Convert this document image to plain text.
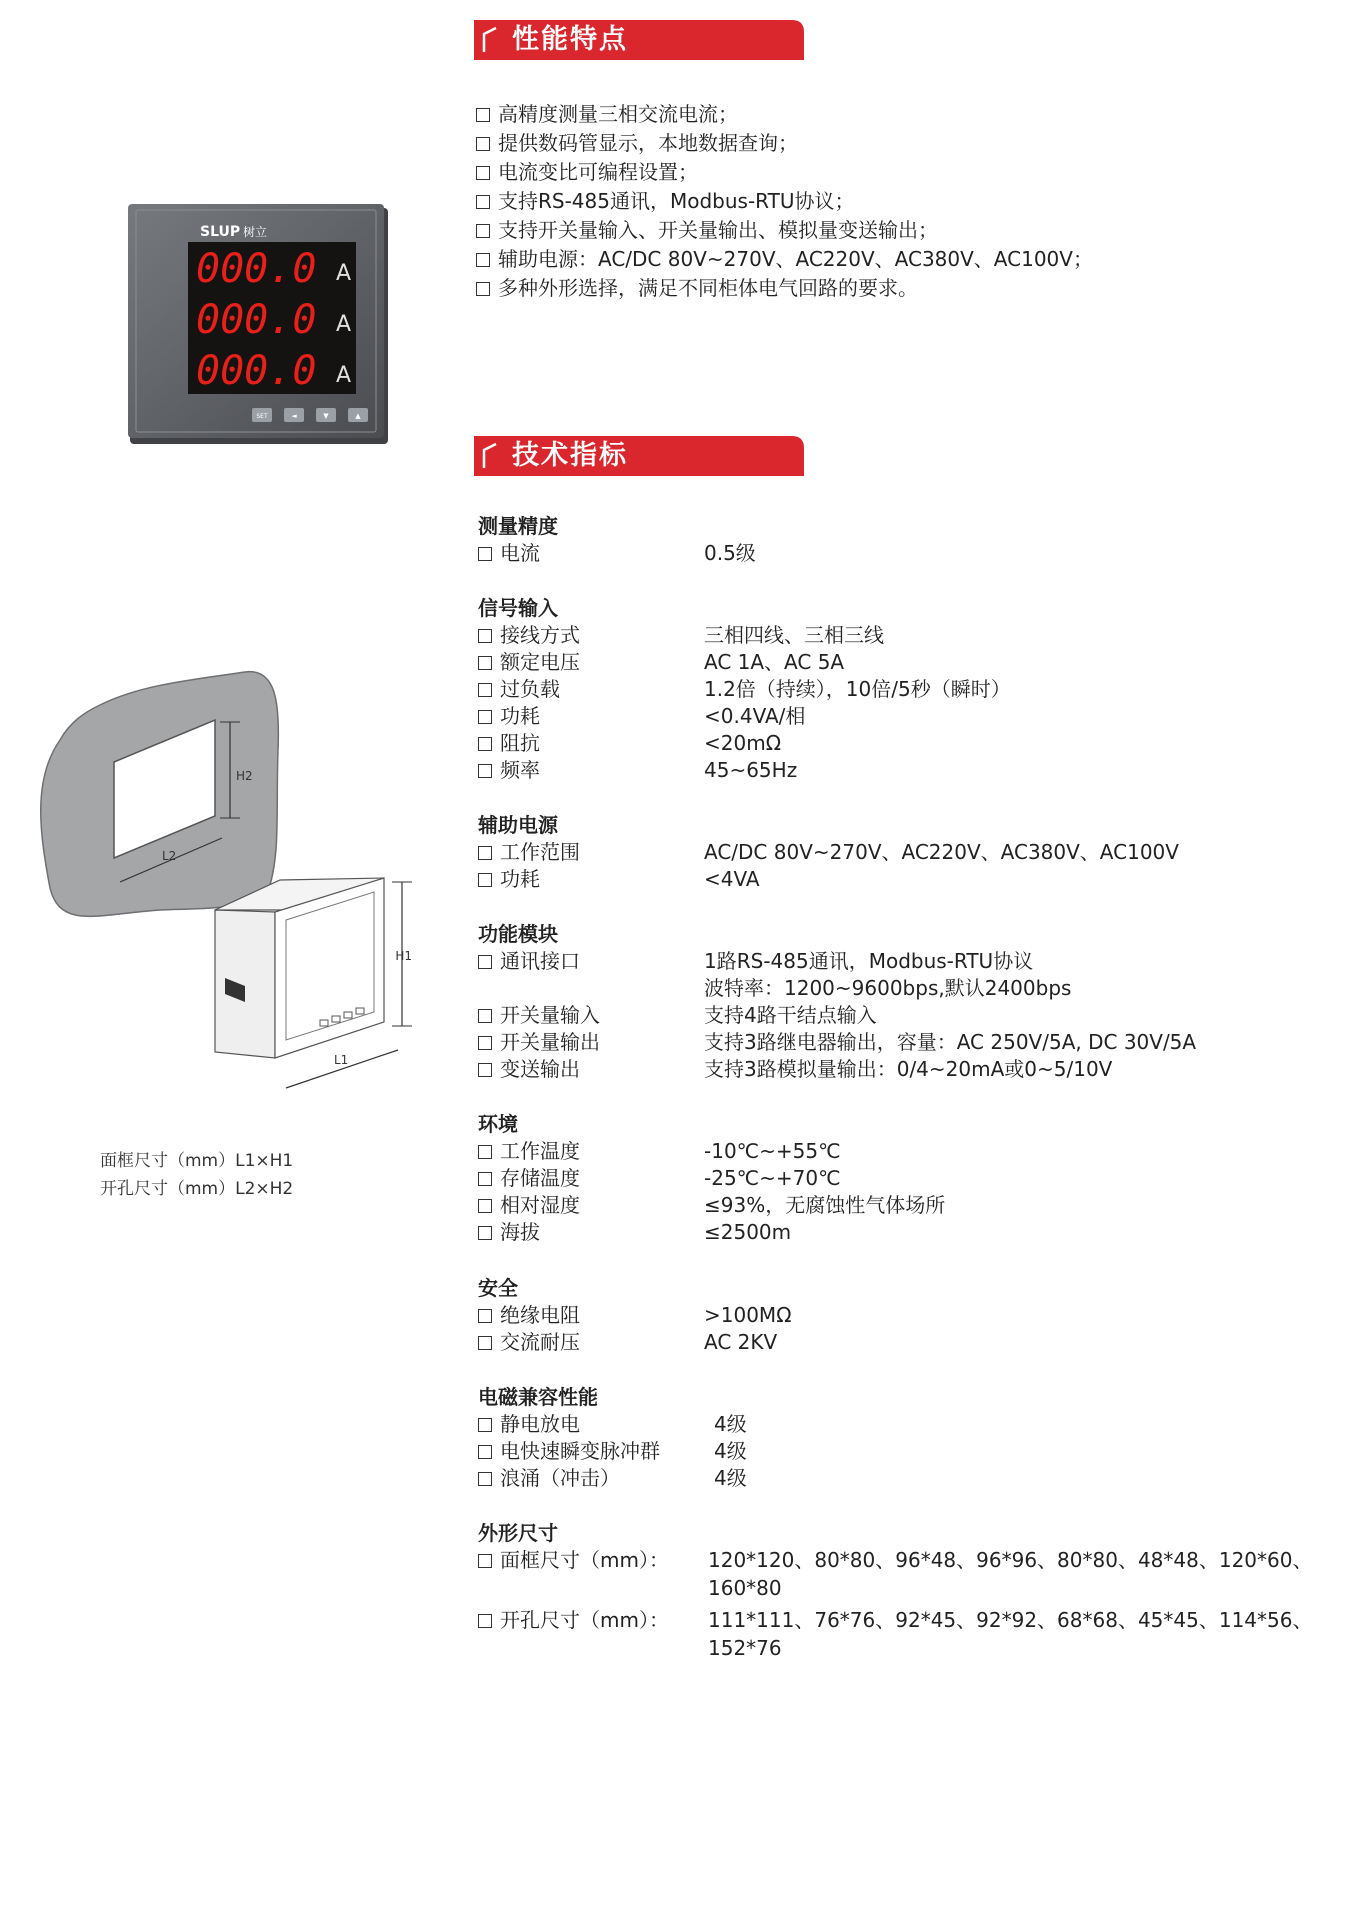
性能特点
高精度测量三相交流电流；
提供数码管显示，本地数据查询；
电流变比可编程设置；
支持RS-485通讯，Modbus-RTU协议；
支持开关量输入、开关量输出、模拟量变送输出；
辅助电源：AC/DC 80V~270V、AC220V、AC380V、AC100V；
多种外形选择，满足不同柜体电气回路的要求。
SLUP 树立
000.0 A
000.0 A
000.0 A
SET	◄	▼	▲
H2
L2
H1
L1
面框尺寸（mm）L1×H1
开孔尺寸（mm）L2×H2
技术指标
测量精度
电流	0.5级
信号输入
接线方式	三相四线、三相三线
额定电压	AC 1A、AC 5A
过负载	1.2倍（持续），10倍/5秒（瞬时）
功耗	<0.4VA/相
阻抗	<20mΩ
频率	45~65Hz
辅助电源
工作范围	AC/DC 80V~270V、AC220V、AC380V、AC100V
功耗	<4VA
功能模块
通讯接口	1路RS-485通讯，Modbus-RTU协议
波特率：1200~9600bps,默认2400bps
开关量输入	支持4路干结点输入
开关量输出	支持3路继电器输出，容量：AC 250V/5A, DC 30V/5A
变送输出	支持3路模拟量输出：0/4~20mA或0~5/10V
环境
工作温度	-10℃~+55℃
存储温度	-25℃~+70℃
相对湿度	≤93%，无腐蚀性气体场所
海拔	≤2500m
安全
绝缘电阻	>100MΩ
交流耐压	AC 2KV
电磁兼容性能
静电放电	4级
电快速瞬变脉冲群	4级
浪涌（冲击）	4级
外形尺寸
面框尺寸（mm）： 120*120、80*80、96*48、96*96、80*80、48*48、120*60、
160*80
开孔尺寸（mm）： 111*111、76*76、92*45、92*92、68*68、45*45、114*56、
152*76
